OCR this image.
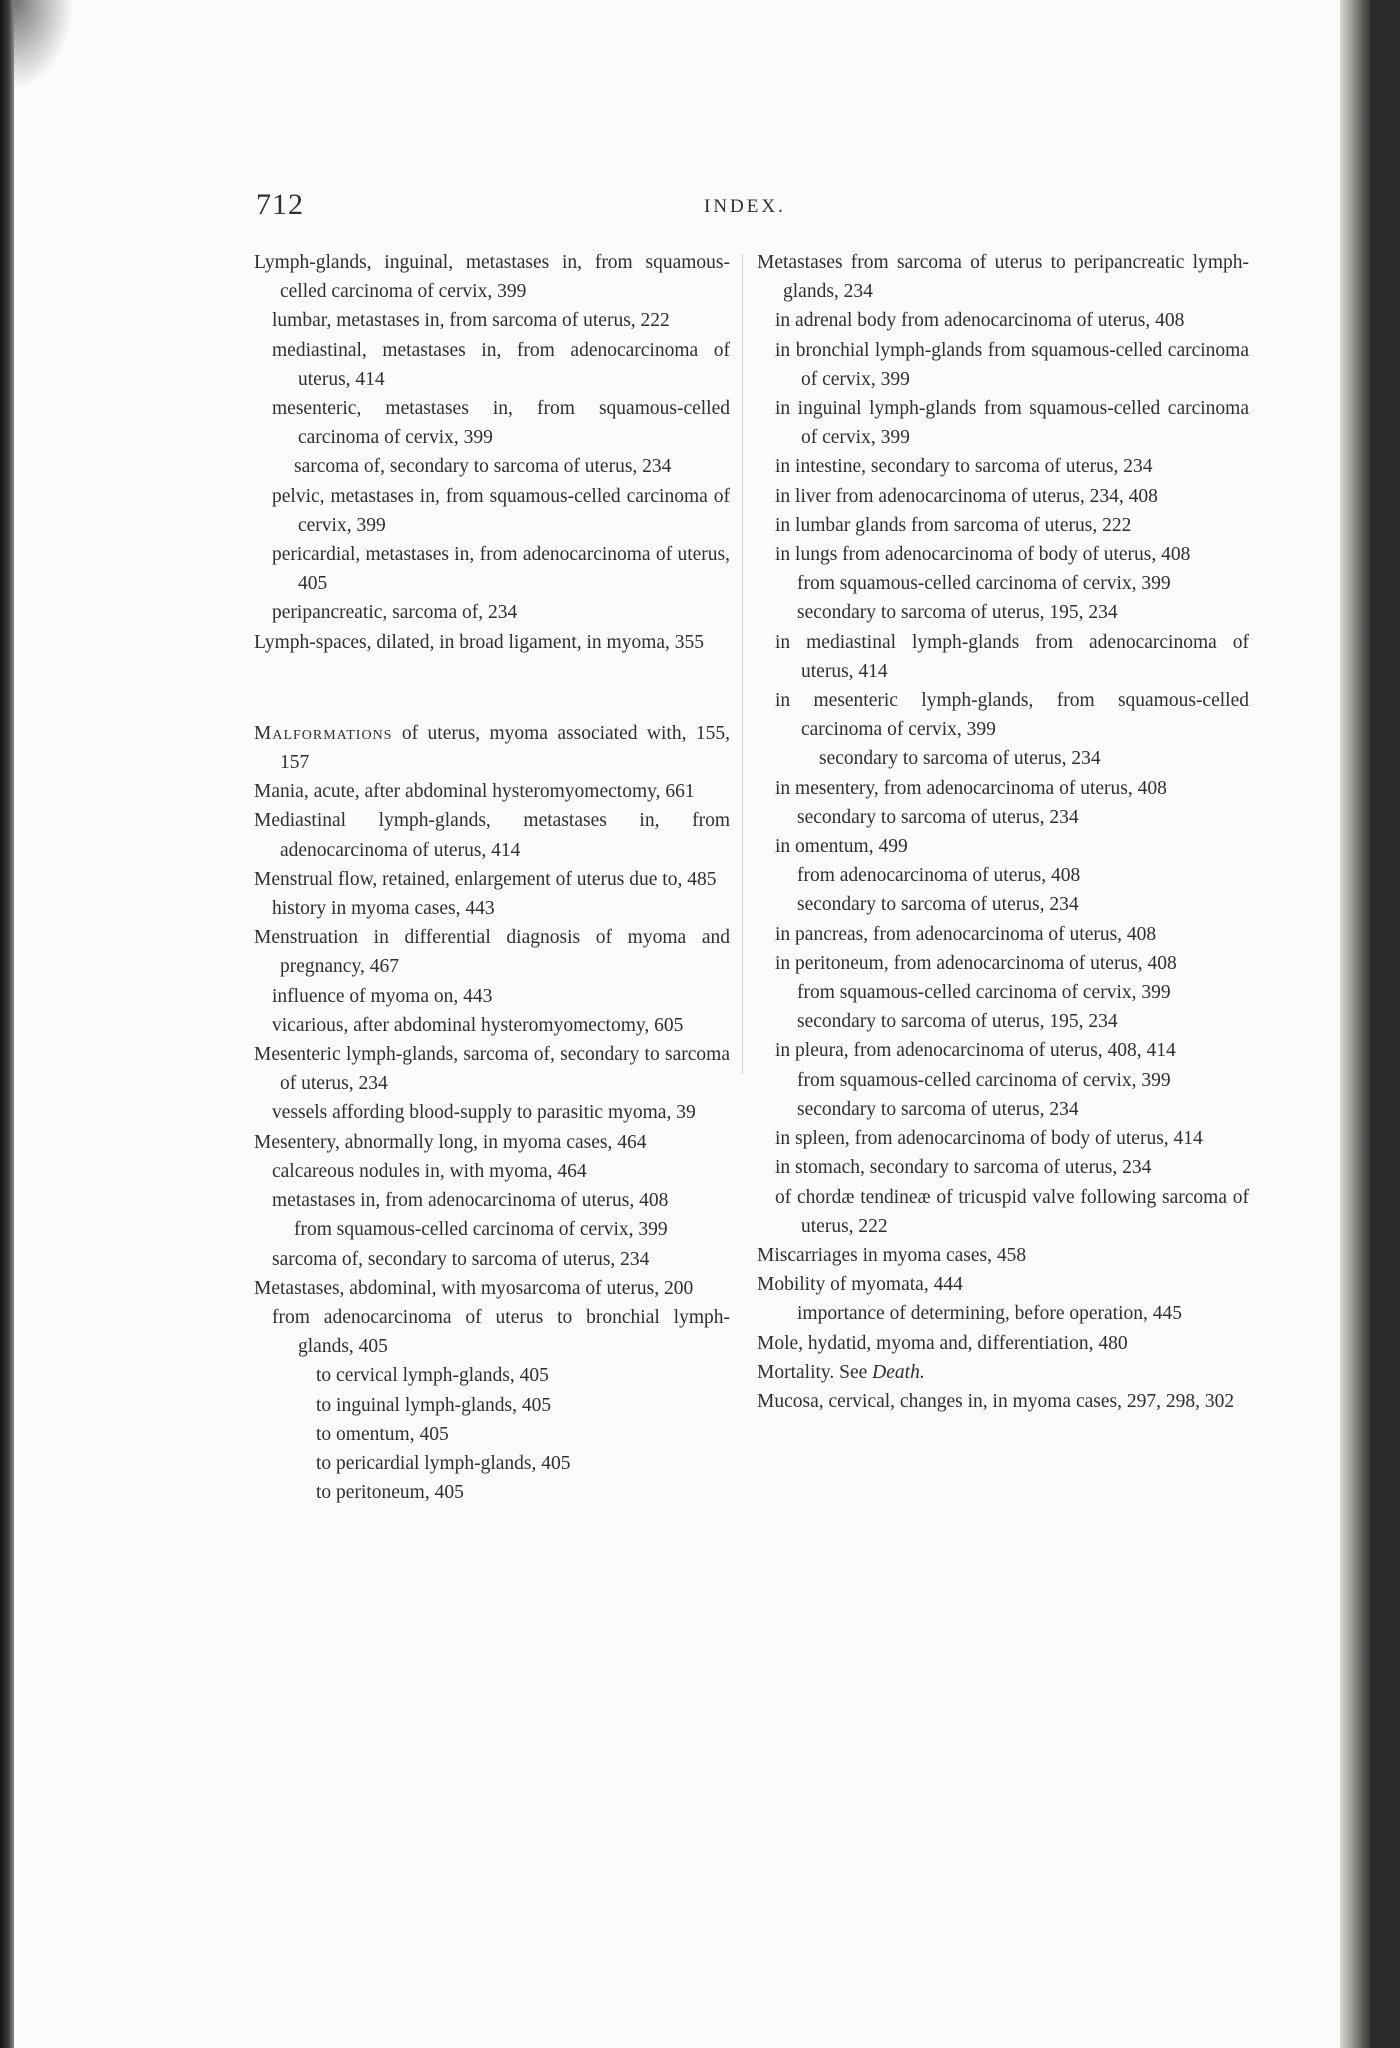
712	INDEX.
Lymph-glands, inguinal, metastases in, from squamous-celled carcinoma of cervix, 399
lumbar, metastases in, from sarcoma of uterus, 222
mediastinal, metastases in, from adenocarcinoma of uterus, 414
mesenteric, metastases in, from squamous-celled carcinoma of cervix, 399
sarcoma of, secondary to sarcoma of uterus, 234
pelvic, metastases in, from squamous-celled carcinoma of cervix, 399
pericardial, metastases in, from adenocarcinoma of uterus, 405
peripancreatic, sarcoma of, 234
Lymph-spaces, dilated, in broad ligament, in myoma, 355
Malformations of uterus, myoma associated with, 155, 157
Mania, acute, after abdominal hysteromyomectomy, 661
Mediastinal lymph-glands, metastases in, from adenocarcinoma of uterus, 414
Menstrual flow, retained, enlargement of uterus due to, 485
history in myoma cases, 443
Menstruation in differential diagnosis of myoma and pregnancy, 467
influence of myoma on, 443
vicarious, after abdominal hysteromyomectomy, 605
Mesenteric lymph-glands, sarcoma of, secondary to sarcoma of uterus, 234
vessels affording blood-supply to parasitic myoma, 39
Mesentery, abnormally long, in myoma cases, 464
calcareous nodules in, with myoma, 464
metastases in, from adenocarcinoma of uterus, 408
from squamous-celled carcinoma of cervix, 399
sarcoma of, secondary to sarcoma of uterus, 234
Metastases, abdominal, with myosarcoma of uterus, 200
from adenocarcinoma of uterus to bronchial lymph-glands, 405
to cervical lymph-glands, 405
to inguinal lymph-glands, 405
to omentum, 405
to pericardial lymph-glands, 405
to peritoneum, 405
Metastases from sarcoma of uterus to peripancreatic lymph-glands, 234
in adrenal body from adenocarcinoma of uterus, 408
in bronchial lymph-glands from squamous-celled carcinoma of cervix, 399
in inguinal lymph-glands from squamous-celled carcinoma of cervix, 399
in intestine, secondary to sarcoma of uterus, 234
in liver from adenocarcinoma of uterus, 234, 408
in lumbar glands from sarcoma of uterus, 222
in lungs from adenocarcinoma of body of uterus, 408
from squamous-celled carcinoma of cervix, 399
secondary to sarcoma of uterus, 195, 234
in mediastinal lymph-glands from adenocarcinoma of uterus, 414
in mesenteric lymph-glands, from squamous-celled carcinoma of cervix, 399
secondary to sarcoma of uterus, 234
in mesentery, from adenocarcinoma of uterus, 408
secondary to sarcoma of uterus, 234
in omentum, 499
from adenocarcinoma of uterus, 408
secondary to sarcoma of uterus, 234
in pancreas, from adenocarcinoma of uterus, 408
in peritoneum, from adenocarcinoma of uterus, 408
from squamous-celled carcinoma of cervix, 399
secondary to sarcoma of uterus, 195, 234
in pleura, from adenocarcinoma of uterus, 408, 414
from squamous-celled carcinoma of cervix, 399
secondary to sarcoma of uterus, 234
in spleen, from adenocarcinoma of body of uterus, 414
in stomach, secondary to sarcoma of uterus, 234
of chordæ tendineæ of tricuspid valve following sarcoma of uterus, 222
Miscarriages in myoma cases, 458
Mobility of myomata, 444
importance of determining, before operation, 445
Mole, hydatid, myoma and, differentiation, 480
Mortality. See Death.
Mucosa, cervical, changes in, in myoma cases, 297, 298, 302
